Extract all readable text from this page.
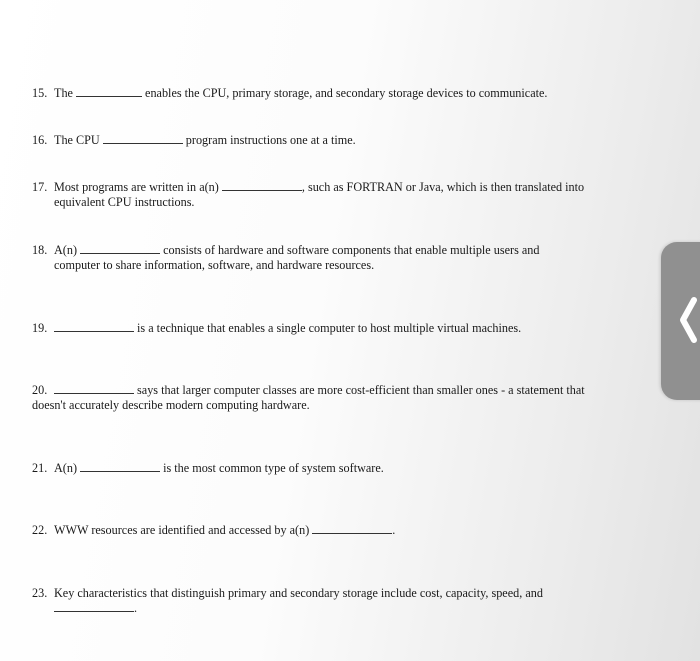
15. The	enables the CPU, primary storage, and secondary storage devices to communicate.
16. The CPU	program instructions one at a time.
17. Most programs are written in a(n)	, such as FORTRAN or Java, which is then translated into
equivalent CPU instructions.
18. A(n)	consists of hardware and software components that enable multiple users and
computer to share information, software, and hardware resources.
19.	is a technique that enables a single computer to host multiple virtual machines.
20.	says that larger computer classes are more cost-efficient than smaller ones - a statement that
doesn't accurately describe modern computing hardware.
21. A(n)	is the most common type of system software.
22. WWW resources are identified and accessed by a(n)	.
23. Key characteristics that distinguish primary and secondary storage include cost, capacity, speed, and
.
